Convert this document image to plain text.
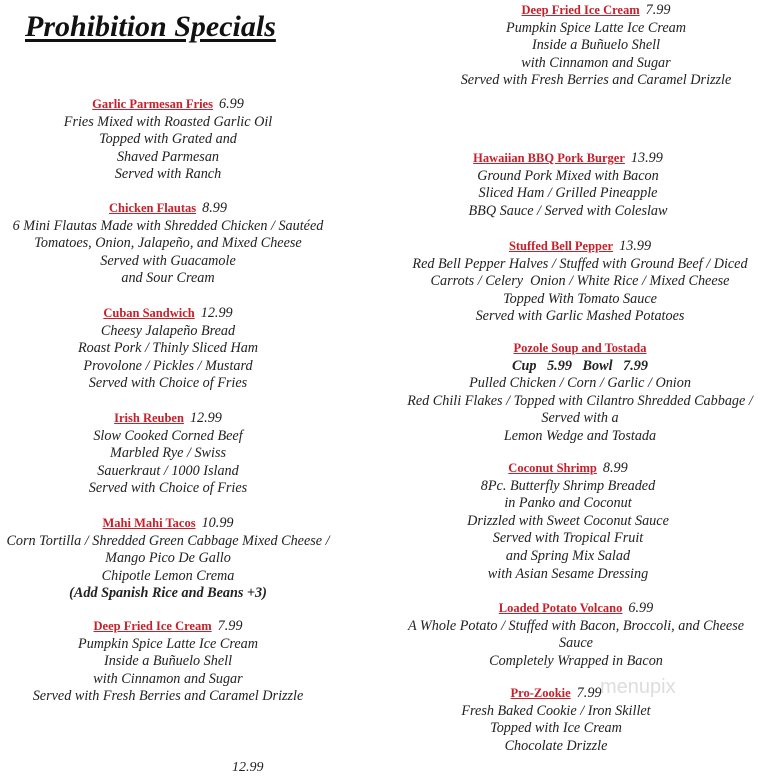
Prohibition Specials
Garlic Parmesan Fries 6.99
Fries Mixed with Roasted Garlic Oil
Topped with Grated and
Shaved Parmesan
Served with Ranch
Chicken Flautas 8.99
6 Mini Flautas Made with Shredded Chicken / Sautéed
Tomatoes, Onion, Jalapeño, and Mixed Cheese
Served with Guacamole
and Sour Cream
Cuban Sandwich 12.99
Cheesy Jalapeño Bread
Roast Pork / Thinly Sliced Ham
Provolone / Pickles / Mustard
Served with Choice of Fries
Irish Reuben 12.99
Slow Cooked Corned Beef
Marbled Rye / Swiss
Sauerkraut / 1000 Island
Served with Choice of Fries
Mahi Mahi Tacos 10.99
Corn Tortilla / Shredded Green Cabbage Mixed Cheese /
Mango Pico De Gallo
Chipotle Lemon Crema
(Add Spanish Rice and Beans +3)
Deep Fried Ice Cream 7.99
Pumpkin Spice Latte Ice Cream
Inside a Buñuelo Shell
with Cinnamon and Sugar
Served with Fresh Berries and Caramel Drizzle
Deep Fried Ice Cream 7.99
Pumpkin Spice Latte Ice Cream
Inside a Buñuelo Shell
with Cinnamon and Sugar
Served with Fresh Berries and Caramel Drizzle
Hawaiian BBQ Pork Burger 13.99
Ground Pork Mixed with Bacon
Sliced Ham / Grilled Pineapple
BBQ Sauce / Served with Coleslaw
Stuffed Bell Pepper 13.99
Red Bell Pepper Halves / Stuffed with Ground Beef / Diced
Carrots / Celery  Onion / White Rice / Mixed Cheese
Topped With Tomato Sauce
Served with Garlic Mashed Potatoes
Pozole Soup and Tostada
Cup   5.99   Bowl   7.99
Pulled Chicken / Corn / Garlic / Onion
Red Chili Flakes / Topped with Cilantro Shredded Cabbage /
Served with a
Lemon Wedge and Tostada
Coconut Shrimp 8.99
8Pc. Butterfly Shrimp Breaded
in Panko and Coconut
Drizzled with Sweet Coconut Sauce
Served with Tropical Fruit
and Spring Mix Salad
with Asian Sesame Dressing
Loaded Potato Volcano 6.99
A Whole Potato / Stuffed with Bacon, Broccoli, and Cheese
Sauce
Completely Wrapped in Bacon
Pro-Zookie 7.99
Fresh Baked Cookie / Iron Skillet
Topped with Ice Cream
Chocolate Drizzle
12.99
menupix
